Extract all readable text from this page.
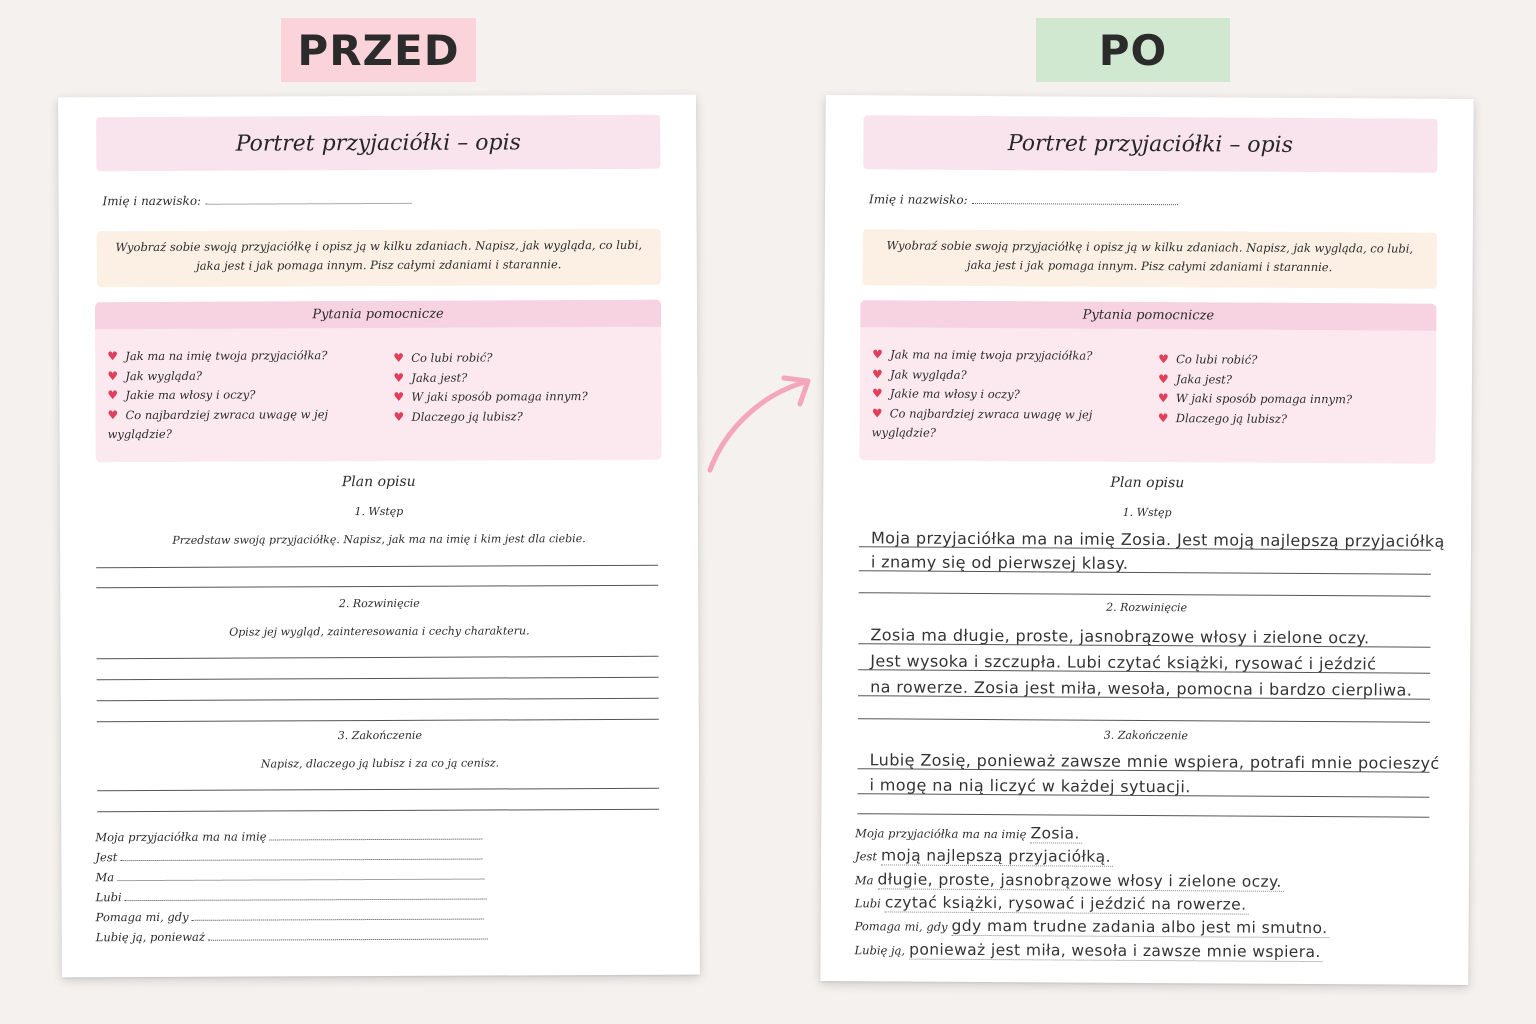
PRZED	PO
Portret przyjaciółki – opis
Imię i nazwisko:
Wyobraź sobie swoją przyjaciółkę i opisz ją w kilku zdaniach. Napisz, jak wygląda, co lubi, jaka jest i jak pomaga innym. Pisz całymi zdaniami i starannie.
Pytania pomocnicze
♥ Jak ma na imię twoja przyjaciółka?
♥ Jak wygląda?
♥ Jakie ma włosy i oczy?
♥ Co najbardziej zwraca uwagę w jej wyglądzie?
♥ Co lubi robić?
♥ Jaka jest?
♥ W jaki sposób pomaga innym?
♥ Dlaczego ją lubisz?
Plan opisu
1. Wstęp
Przedstaw swoją przyjaciółkę. Napisz, jak ma na imię i kim jest dla ciebie.
2. Rozwinięcie
Opisz jej wygląd, zainteresowania i cechy charakteru.
3. Zakończenie
Napisz, dlaczego ją lubisz i za co ją cenisz.
Moja przyjaciółka ma na imię
Jest
Ma
Lubi
Pomaga mi, gdy
Lubię ją, ponieważ
Portret przyjaciółki – opis
Imię i nazwisko:
Wyobraź sobie swoją przyjaciółkę i opisz ją w kilku zdaniach. Napisz, jak wygląda, co lubi, jaka jest i jak pomaga innym. Pisz całymi zdaniami i starannie.
Pytania pomocnicze
♥ Jak ma na imię twoja przyjaciółka?
♥ Jak wygląda?
♥ Jakie ma włosy i oczy?
♥ Co najbardziej zwraca uwagę w jej wyglądzie?
♥ Co lubi robić?
♥ Jaka jest?
♥ W jaki sposób pomaga innym?
♥ Dlaczego ją lubisz?
Plan opisu
1. Wstęp
Moja przyjaciółka ma na imię Zosia. Jest moją najlepszą przyjaciółką
i znamy się od pierwszej klasy.
2. Rozwinięcie
Zosia ma długie, proste, jasnobrązowe włosy i zielone oczy.
Jest wysoka i szczupła. Lubi czytać książki, rysować i jeździć
na rowerze. Zosia jest miła, wesoła, pomocna i bardzo cierpliwa.
3. Zakończenie
Lubię Zosię, ponieważ zawsze mnie wspiera, potrafi mnie pocieszyć
i mogę na nią liczyć w każdej sytuacji.
Moja przyjaciółka ma na imię Zosia.
Jest moją najlepszą przyjaciółką.
Ma długie, proste, jasnobrązowe włosy i zielone oczy.
Lubi czytać książki, rysować i jeździć na rowerze.
Pomaga mi, gdy gdy mam trudne zadania albo jest mi smutno.
Lubię ją, ponieważ jest miła, wesoła i zawsze mnie wspiera.
